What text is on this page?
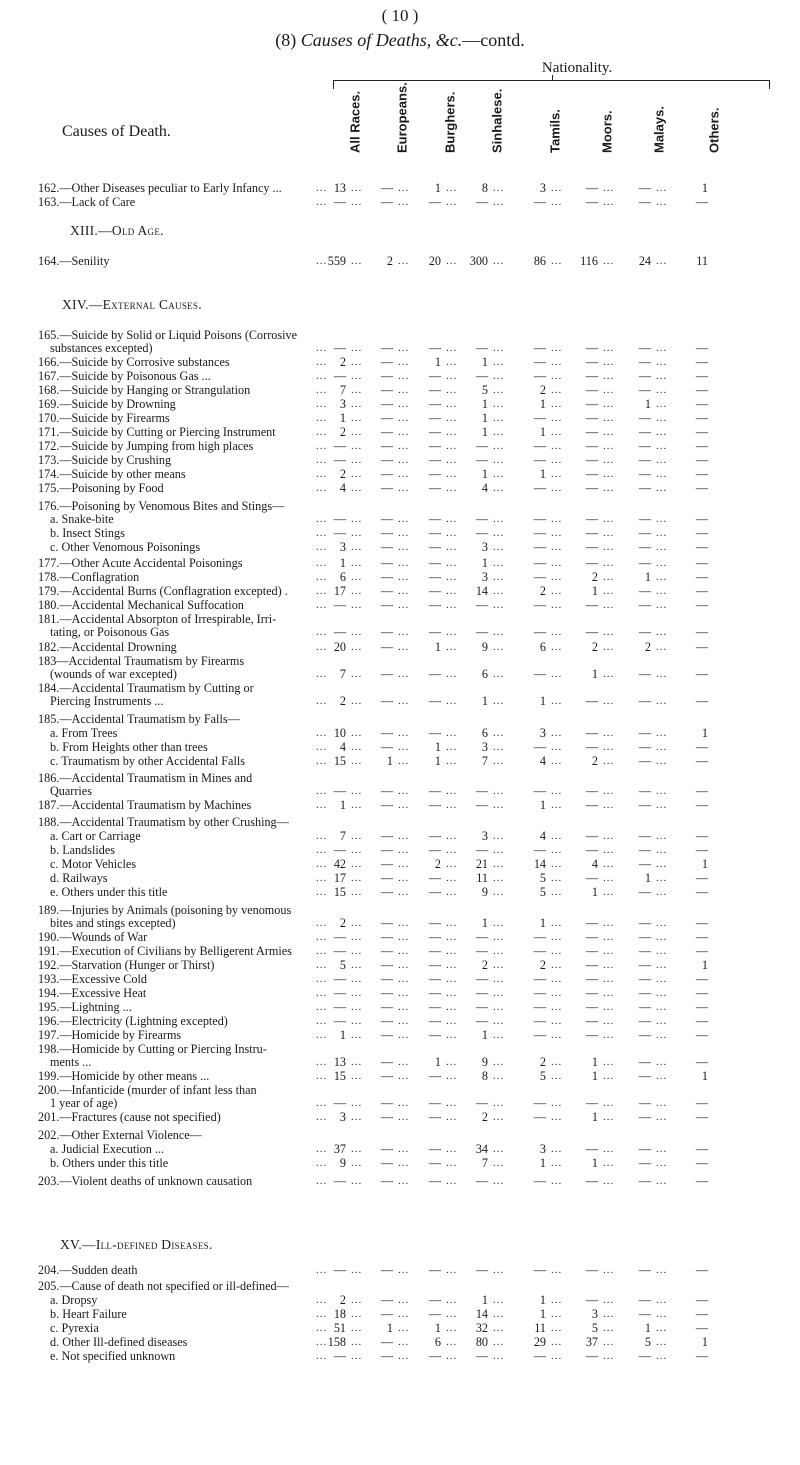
( 10 )
(8) Causes of Deaths, &c.—contd.
Nationality.
Causes of Death.	All Races. Europeans.	Burghers. Sinhalese.	Tamils.	Moors.	Malays.	Others.
XIII.—Old Age.
XIV.—External Causes.
XV.—Ill-defined Diseases.
162.—Other Diseases peculiar to Early Infancy ...	... 13 ...	— ...	1 ...	8 ...	3 ...	— ...	— ...	1
163.—Lack of Care	... — ...	— ...	— ...	— ...	— ...	— ...	— ...	—
164.—Senility	... 559 ...	2 ...	20 ...	300 ...	86 ...	116 ...	24 ...	11
165.—Suicide by Solid or Liquid Poisons (Corrosive
substances excepted)	... — ...	— ...	— ...	— ...	— ...	— ...	— ...	—
166.—Suicide by Corrosive substances	...	2 ...	— ...	1 ...	1 ...	— ...	— ...	— ...	—
167.—Suicide by Poisonous Gas ...	... — ...	— ...	— ...	— ...	— ...	— ...	— ...	—
168.—Suicide by Hanging or Strangulation	...	7 ...	— ...	— ...	5 ...	2 ...	— ...	— ...	—
169.—Suicide by Drowning	...	3 ...	— ...	— ...	1 ...	1 ...	— ...	1 ...	—
170.—Suicide by Firearms	...	1 ...	— ...	— ...	1 ...	— ...	— ...	— ...	—
171.—Suicide by Cutting or Piercing Instrument	...	2 ...	— ...	— ...	1 ...	1 ...	— ...	— ...	—
172.—Suicide by Jumping from high places	... — ...	— ...	— ...	— ...	— ...	— ...	— ...	—
173.—Suicide by Crushing	... — ...	— ...	— ...	— ...	— ...	— ...	— ...	—
174.—Suicide by other means	...	2 ...	— ...	— ...	1 ...	1 ...	— ...	— ...	—
175.—Poisoning by Food	...	4 ...	— ...	— ...	4 ...	— ...	— ...	— ...	—
176.—Poisoning by Venomous Bites and Stings—
a. Snake-bite	... — ...	— ...	— ...	— ...	— ...	— ...	— ...	—
b. Insect Stings	... — ...	— ...	— ...	— ...	— ...	— ...	— ...	—
c. Other Venomous Poisonings	...	3 ...	— ...	— ...	3 ...	— ...	— ...	— ...	—
177.—Other Acute Accidental Poisonings	...	1 ...	— ...	— ...	1 ...	— ...	— ...	— ...	—
178.—Conflagration	...	6 ...	— ...	— ...	3 ...	— ...	2 ...	1 ...	—
179.—Accidental Burns (Conflagration excepted) .	... 17 ...	— ...	— ...	14 ...	2 ...	1 ...	— ...	—
180.—Accidental Mechanical Suffocation	... — ...	— ...	— ...	— ...	— ...	— ...	— ...	—
181.—Accidental Absorpton of Irrespirable, Irri-
tating, or Poisonous Gas	... — ...	— ...	— ...	— ...	— ...	— ...	— ...	—
182.—Accidental Drowning	... 20 ...	— ...	1 ...	9 ...	6 ...	2 ...	2 ...	—
183—Accidental Traumatism by Firearms
(wounds of war excepted)	...	7 ...	— ...	— ...	6 ...	— ...	1 ...	— ...	—
184.—Accidental Traumatism by Cutting or
Piercing Instruments ...	...	2 ...	— ...	— ...	1 ...	1 ...	— ...	— ...	—
185.—Accidental Traumatism by Falls—
a. From Trees	... 10 ...	— ...	— ...	6 ...	3 ...	— ...	— ...	1
b. From Heights other than trees	...	4 ...	— ...	1 ...	3 ...	— ...	— ...	— ...	—
c. Traumatism by other Accidental Falls	... 15 ...	1 ...	1 ...	7 ...	4 ...	2 ...	— ...	—
186.—Accidental Traumatism in Mines and
Quarries	... — ...	— ...	— ...	— ...	— ...	— ...	— ...	—
187.—Accidental Traumatism by Machines	...	1 ...	— ...	— ...	— ...	1 ...	— ...	— ...	—
188.—Accidental Traumatism by other Crushing—
a. Cart or Carriage	...	7 ...	— ...	— ...	3 ...	4 ...	— ...	— ...	—
b. Landslides	... — ...	— ...	— ...	— ...	— ...	— ...	— ...	—
c. Motor Vehicles	... 42 ...	— ...	2 ...	21 ...	14 ...	4 ...	— ...	1
d. Railways	... 17 ...	— ...	— ...	11 ...	5 ...	— ...	1 ...	—
e. Others under this title	... 15 ...	— ...	— ...	9 ...	5 ...	1 ...	— ...	—
189.—Injuries by Animals (poisoning by venomous
bites and stings excepted)	...	2 ...	— ...	— ...	1 ...	1 ...	— ...	— ...	—
190.—Wounds of War	... — ...	— ...	— ...	— ...	— ...	— ...	— ...	—
191.—Execution of Civilians by Belligerent Armies ... — ...	— ...	— ...	— ...	— ...	— ...	— ...	—
192.—Starvation (Hunger or Thirst)	...	5 ...	— ...	— ...	2 ...	2 ...	— ...	— ...	1
193.—Excessive Cold	... — ...	— ...	— ...	— ...	— ...	— ...	— ...	—
194.—Excessive Heat	... — ...	— ...	— ...	— ...	— ...	— ...	— ...	—
195.—Lightning ...	... — ...	— ...	— ...	— ...	— ...	— ...	— ...	—
196.—Electricity (Lightning excepted)	... — ...	— ...	— ...	— ...	— ...	— ...	— ...	—
197.—Homicide by Firearms	...	1 ...	— ...	— ...	1 ...	— ...	— ...	— ...	—
198.—Homicide by Cutting or Piercing Instru-
ments ...	... 13 ...	— ...	1 ...	9 ...	2 ...	1 ...	— ...	—
199.—Homicide by other means ...	... 15 ...	— ...	— ...	8 ...	5 ...	1 ...	— ...	1
200.—Infanticide (murder of infant less than
1 year of age)	... — ...	— ...	— ...	— ...	— ...	— ...	— ...	—
201.—Fractures (cause not specified)	...	3 ...	— ...	— ...	2 ...	— ...	1 ...	— ...	—
202.—Other External Violence—
a. Judicial Execution ...	... 37 ...	— ...	— ...	34 ...	3 ...	— ...	— ...	—
b. Others under this title	...	9 ...	— ...	— ...	7 ...	1 ...	1 ...	— ...	—
203.—Violent deaths of unknown causation	... — ...	— ...	— ...	— ...	— ...	— ...	— ...	—
204.—Sudden death	... — ...	— ...	— ...	— ...	— ...	— ...	— ...	—
205.—Cause of death not specified or ill-defined—
a. Dropsy	...	2 ...	— ...	— ...	1 ...	1 ...	— ...	— ...	—
b. Heart Failure	... 18 ...	— ...	— ...	14 ...	1 ...	3 ...	— ...	—
c. Pyrexia	... 51 ...	1 ...	1 ...	32 ...	11 ...	5 ...	1 ...	—
d. Other Ill-defined diseases	... 158 ...	— ...	6 ...	80 ...	29 ...	37 ...	5 ...	1
e. Not specified unknown	... — ...	— ...	— ...	— ...	— ...	— ...	— ...	—
